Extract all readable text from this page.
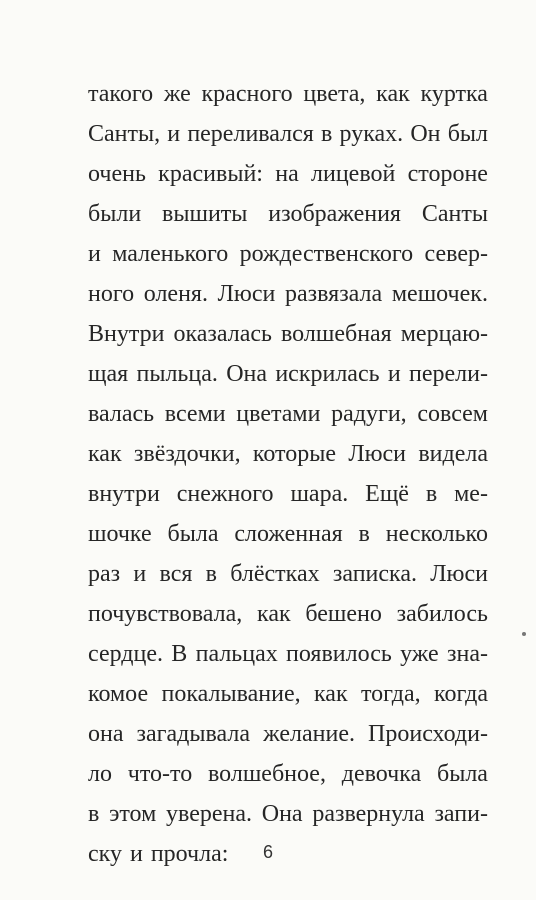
такого же красного цвета, как куртка
Санты, и переливался в руках. Он был
очень красивый: на лицевой стороне
были вышиты изображения Санты
и маленького рождественского север-
ного оленя. Люси развязала мешочек.
Внутри оказалась волшебная мерцаю-
щая пыльца. Она искрилась и перели-
валась всеми цветами радуги, совсем
как звёздочки, которые Люси видела
внутри снежного шара. Ещё в ме-
шочке была сложенная в несколько
раз и вся в блёстках записка. Люси
почувствовала, как бешено забилось
сердце. В пальцах появилось уже зна-
комое покалывание, как тогда, когда
она загадывала желание. Происходи-
ло что-то волшебное, девочка была
в этом уверена. Она развернула запи-
ску и прочла:	6
